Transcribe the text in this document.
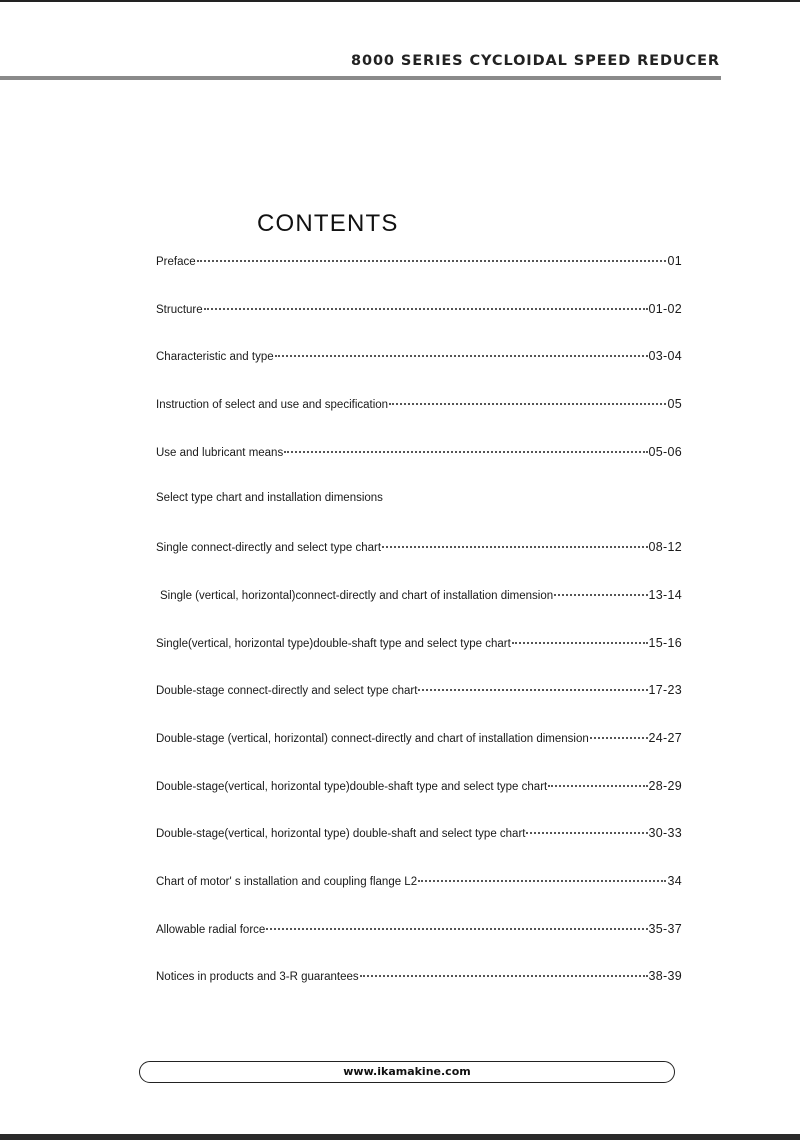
8000 SERIES CYCLOIDAL SPEED REDUCER
CONTENTS
Preface	01
Structure	01-02
Characteristic and type	03-04
Instruction of select and use and specification	05
Use and lubricant means	05-06
Select type chart and installation dimensions
Single connect-directly and select type chart	08-12
Single (vertical, horizontal)connect-directly and chart of installation dimension	13-14
Single(vertical, horizontal type)double-shaft type and select type chart	15-16
Double-stage connect-directly and select type chart	17-23
Double-stage (vertical, horizontal) connect-directly and chart of installation dimension	24-27
Double-stage(vertical, horizontal type)double-shaft type and select type chart	28-29
Double-stage(vertical, horizontal type) double-shaft and select type chart	30-33
Chart of motor' s installation and coupling flange L2	34
Allowable radial force	35-37
Notices in products and 3-R guarantees	38-39
www.ikamakine.com
